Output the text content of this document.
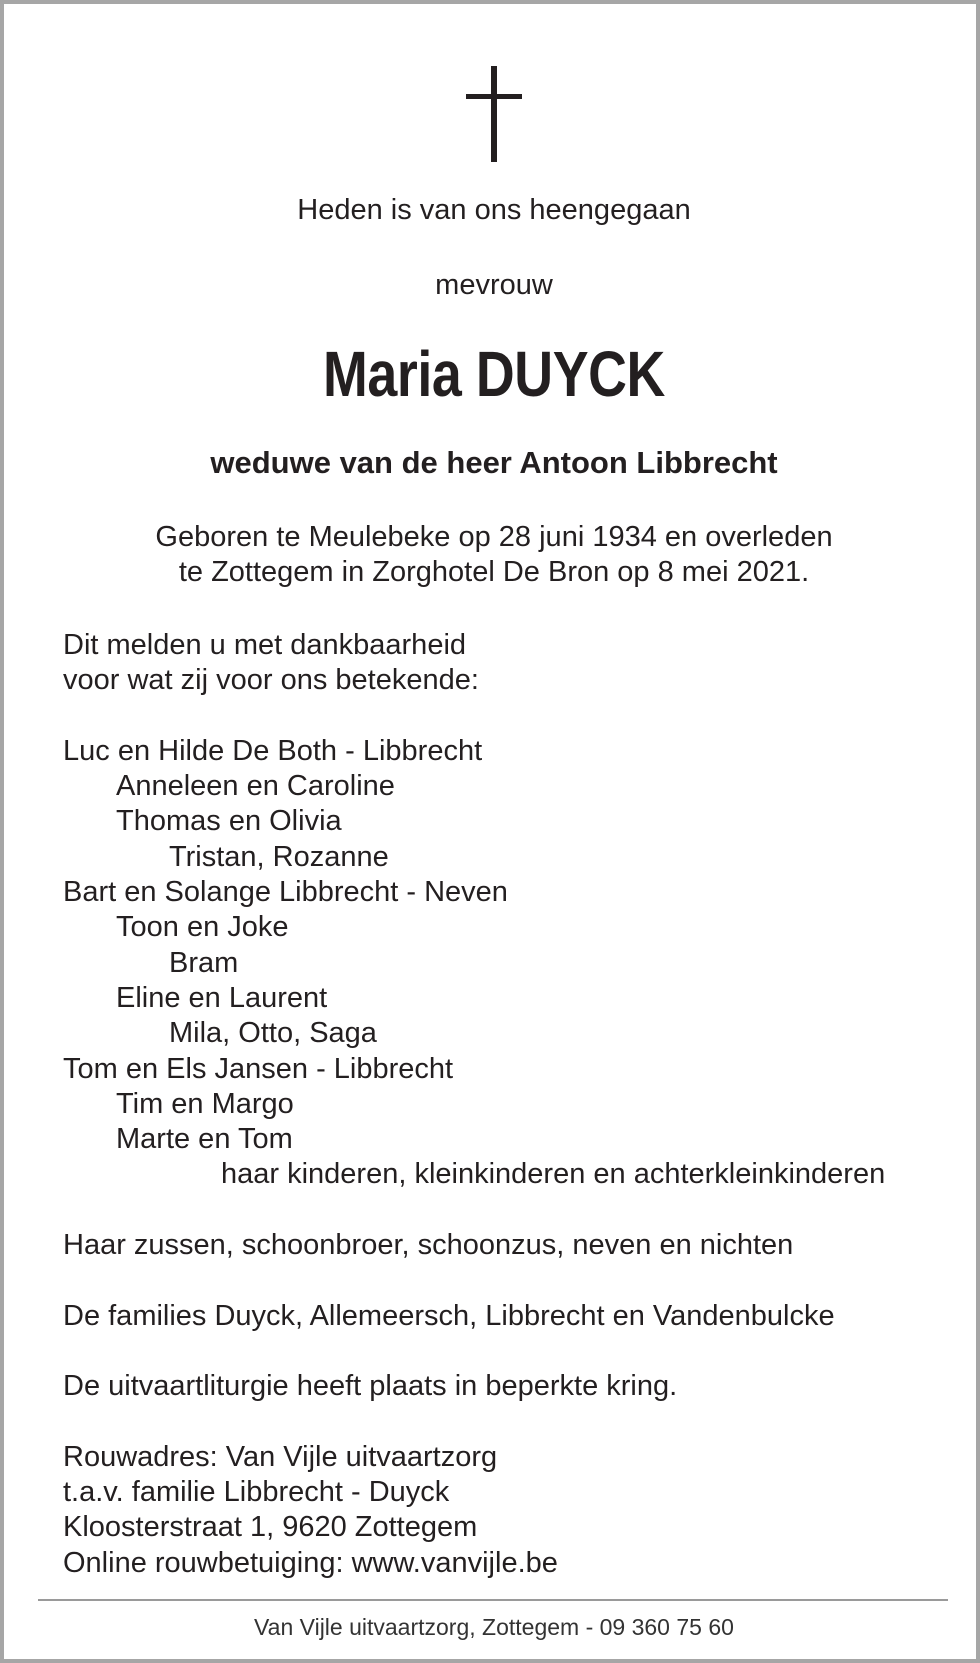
Heden is van ons heengegaan
mevrouw
Maria DUYCK
weduwe van de heer Antoon Libbrecht
Geboren te Meulebeke op 28 juni 1934 en overleden
te Zottegem in Zorghotel De Bron op 8 mei 2021.
Dit melden u met dankbaarheid
voor wat zij voor ons betekende:
Luc en Hilde De Both - Libbrecht
Anneleen en Caroline
Thomas en Olivia
Tristan, Rozanne
Bart en Solange Libbrecht - Neven
Toon en Joke
Bram
Eline en Laurent
Mila, Otto, Saga
Tom en Els Jansen - Libbrecht
Tim en Margo
Marte en Tom
haar kinderen, kleinkinderen en achterkleinkinderen
Haar zussen, schoonbroer, schoonzus, neven en nichten
De families Duyck, Allemeersch, Libbrecht en Vandenbulcke
De uitvaartliturgie heeft plaats in beperkte kring.
Rouwadres: Van Vijle uitvaartzorg
t.a.v. familie Libbrecht - Duyck
Kloosterstraat 1, 9620 Zottegem
Online rouwbetuiging: www.vanvijle.be
Van Vijle uitvaartzorg, Zottegem - 09 360 75 60
